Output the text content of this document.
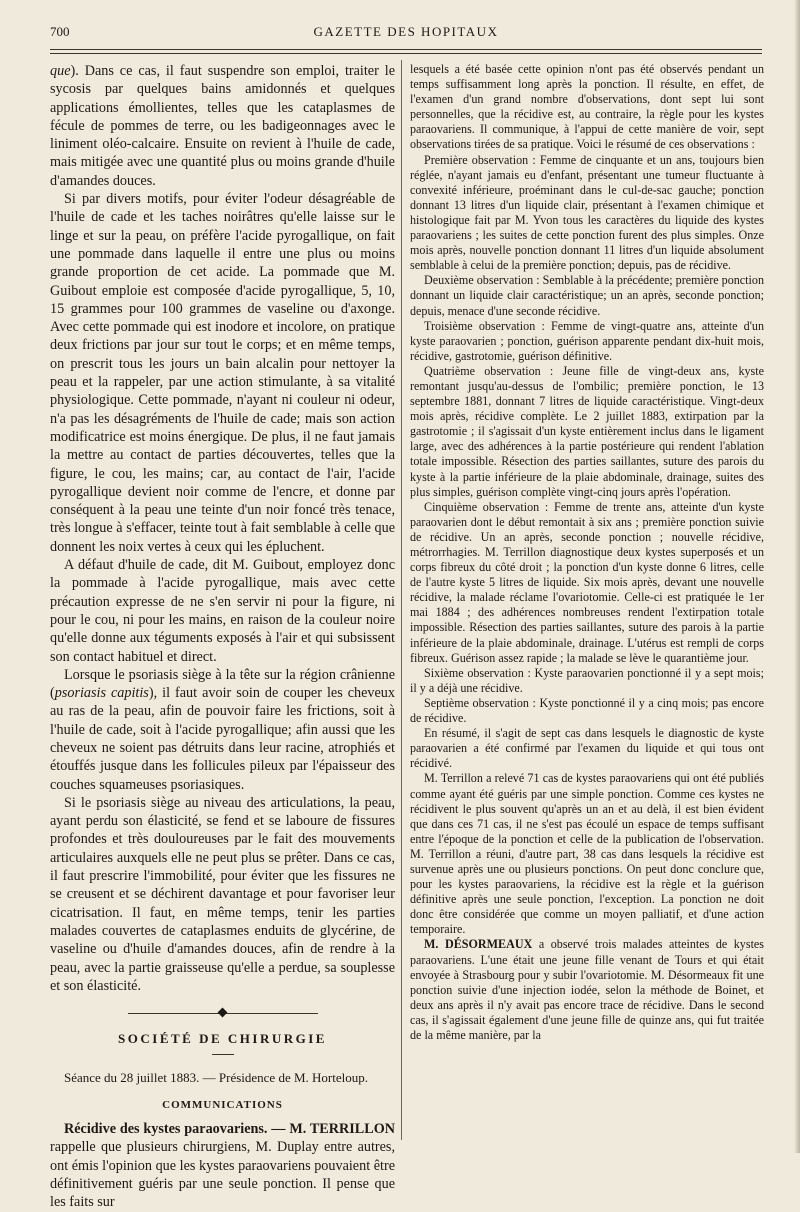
700	GAZETTE DES HOPITAUX

que). Dans ce cas, il faut suspendre son emploi, traiter le sycosis par quelques bains amidonnés et quelques applications émollientes, telles que les cataplasmes de fécule de pommes de terre, ou les badigeonnages avec le liniment oléo-calcaire. Ensuite on revient à l'huile de cade, mais mitigée avec une quantité plus ou moins grande d'huile d'amandes douces.

Si par divers motifs, pour éviter l'odeur désagréable de l'huile de cade et les taches noirâtres qu'elle laisse sur le linge et sur la peau, on préfère l'acide pyrogallique, on fait une pommade dans laquelle il entre une plus ou moins grande proportion de cet acide. La pommade que M. Guibout emploie est composée d'acide pyrogallique, 5, 10, 15 grammes pour 100 grammes de vaseline ou d'axonge. Avec cette pommade qui est inodore et incolore, on pratique deux frictions par jour sur tout le corps; et en même temps, on prescrit tous les jours un bain alcalin pour nettoyer la peau et la rappeler, par une action stimulante, à sa vitalité physiologique. Cette pommade, n'ayant ni couleur ni odeur, n'a pas les désagréments de l'huile de cade; mais son action modificatrice est moins énergique. De plus, il ne faut jamais la mettre au contact de parties découvertes, telles que la figure, le cou, les mains; car, au contact de l'air, l'acide pyrogallique devient noir comme de l'encre, et donne par conséquent à la peau une teinte d'un noir foncé très tenace, très longue à s'effacer, teinte tout à fait semblable à celle que donnent les noix vertes à ceux qui les épluchent.

A défaut d'huile de cade, dit M. Guibout, employez donc la pommade à l'acide pyrogallique, mais avec cette précaution expresse de ne s'en servir ni pour la figure, ni pour le cou, ni pour les mains, en raison de la couleur noire qu'elle donne aux téguments exposés à l'air et qui subsissent son contact habituel et direct.

Lorsque le psoriasis siège à la tête sur la région crânienne (psoriasis capitis), il faut avoir soin de couper les cheveux au ras de la peau, afin de pouvoir faire les frictions, soit à l'huile de cade, soit à l'acide pyrogallique; afin aussi que les cheveux ne soient pas détruits dans leur racine, atrophiés et étouffés jusque dans les follicules pileux par l'épaisseur des couches squameuses psoriasiques.

Si le psoriasis siège au niveau des articulations, la peau, ayant perdu son élasticité, se fend et se laboure de fissures profondes et très douloureuses par le fait des mouvements articulaires auxquels elle ne peut plus se prêter. Dans ce cas, il faut prescrire l'immobilité, pour éviter que les fissures ne se creusent et se déchirent davantage et pour favoriser leur cicatrisation. Il faut, en même temps, tenir les parties malades couvertes de cataplasmes enduits de glycérine, de vaseline ou d'huile d'amandes douces, afin de rendre à la peau, avec la partie graisseuse qu'elle a perdue, sa souplesse et son élasticité.

SOCIÉTÉ DE CHIRURGIE

Séance du 28 juillet 1883. — Présidence de M. Horteloup.

COMMUNICATIONS

Récidive des kystes paraovariens. — M. TERRILLON rappelle que plusieurs chirurgiens, M. Duplay entre autres, ont émis l'opinion que les kystes paraovariens pouvaient être définitivement guéris par une seule ponction. Il pense que les faits sur

lesquels a été basée cette opinion n'ont pas été observés pendant un temps suffisamment long après la ponction. Il résulte, en effet, de l'examen d'un grand nombre d'observations, dont sept lui sont personnelles, que la récidive est, au contraire, la règle pour les kystes paraovariens. Il communique, à l'appui de cette manière de voir, sept observations tirées de sa pratique. Voici le résumé de ces observations :

Première observation : Femme de cinquante et un ans, toujours bien réglée, n'ayant jamais eu d'enfant, présentant une tumeur fluctuante à convexité inférieure, proéminant dans le cul-de-sac gauche; ponction donnant 13 litres d'un liquide clair, présentant à l'examen chimique et histologique fait par M. Yvon tous les caractères du liquide des kystes paraovariens ; les suites de cette ponction furent des plus simples. Onze mois après, nouvelle ponction donnant 11 litres d'un liquide absolument semblable à celui de la première ponction; depuis, pas de récidive.

Deuxième observation : Semblable à la précédente; première ponction donnant un liquide clair caractéristique; un an après, seconde ponction; depuis, menace d'une seconde récidive.

Troisième observation : Femme de vingt-quatre ans, atteinte d'un kyste paraovarien ; ponction, guérison apparente pendant dix-huit mois, récidive, gastrotomie, guérison définitive.

Quatrième observation : Jeune fille de vingt-deux ans, kyste remontant jusqu'au-dessus de l'ombilic; première ponction, le 13 septembre 1881, donnant 7 litres de liquide caractéristique. Vingt-deux mois après, récidive complète. Le 2 juillet 1883, extirpation par la gastrotomie ; il s'agissait d'un kyste entièrement inclus dans le ligament large, avec des adhérences à la partie postérieure qui rendent l'ablation totale impossible. Résection des parties saillantes, suture des parois du kyste à la partie inférieure de la plaie abdominale, drainage, suites des plus simples, guérison complète vingt-cinq jours après l'opération.

Cinquième observation : Femme de trente ans, atteinte d'un kyste paraovarien dont le début remontait à six ans ; première ponction suivie de récidive. Un an après, seconde ponction ; nouvelle récidive, métrorrhagies. M. Terrillon diagnostique deux kystes superposés et un corps fibreux du côté droit ; la ponction d'un kyste donne 6 litres, celle de l'autre kyste 5 litres de liquide. Six mois après, devant une nouvelle récidive, la malade réclame l'ovariotomie. Celle-ci est pratiquée le 1er mai 1884 ; des adhérences nombreuses rendent l'extirpation totale impossible. Résection des parties saillantes, suture des parois à la partie inférieure de la plaie abdominale, drainage. L'utérus est rempli de corps fibreux. Guérison assez rapide ; la malade se lève le quarantième jour.

Sixième observation : Kyste paraovarien ponctionné il y a sept mois; il y a déjà une récidive.

Septième observation : Kyste ponctionné il y a cinq mois; pas encore de récidive.

En résumé, il s'agit de sept cas dans lesquels le diagnostic de kyste paraovarien a été confirmé par l'examen du liquide et qui tous ont récidivé.

M. Terrillon a relevé 71 cas de kystes paraovariens qui ont été publiés comme ayant été guéris par une simple ponction. Comme ces kystes ne récidivent le plus souvent qu'après un an et au delà, il est bien évident que dans ces 71 cas, il ne s'est pas écoulé un espace de temps suffisant entre l'époque de la ponction et celle de la publication de l'observation. M. Terrillon a réuni, d'autre part, 38 cas dans lesquels la récidive est survenue après une ou plusieurs ponctions. On peut donc conclure que, pour les kystes paraovariens, la récidive est la règle et la guérison définitive après une seule ponction, l'exception. La ponction ne doit donc être considérée que comme un moyen palliatif, et d'une action temporaire.

M. DÉSORMEAUX a observé trois malades atteintes de kystes paraovariens. L'une était une jeune fille venant de Tours et qui était envoyée à Strasbourg pour y subir l'ovariotomie. M. Désormeaux fit une ponction suivie d'une injection iodée, selon la méthode de Boinet, et deux ans après il n'y avait pas encore trace de récidive. Dans le second cas, il s'agissait également d'une jeune fille de quinze ans, qui fut traitée de la même manière, par la
